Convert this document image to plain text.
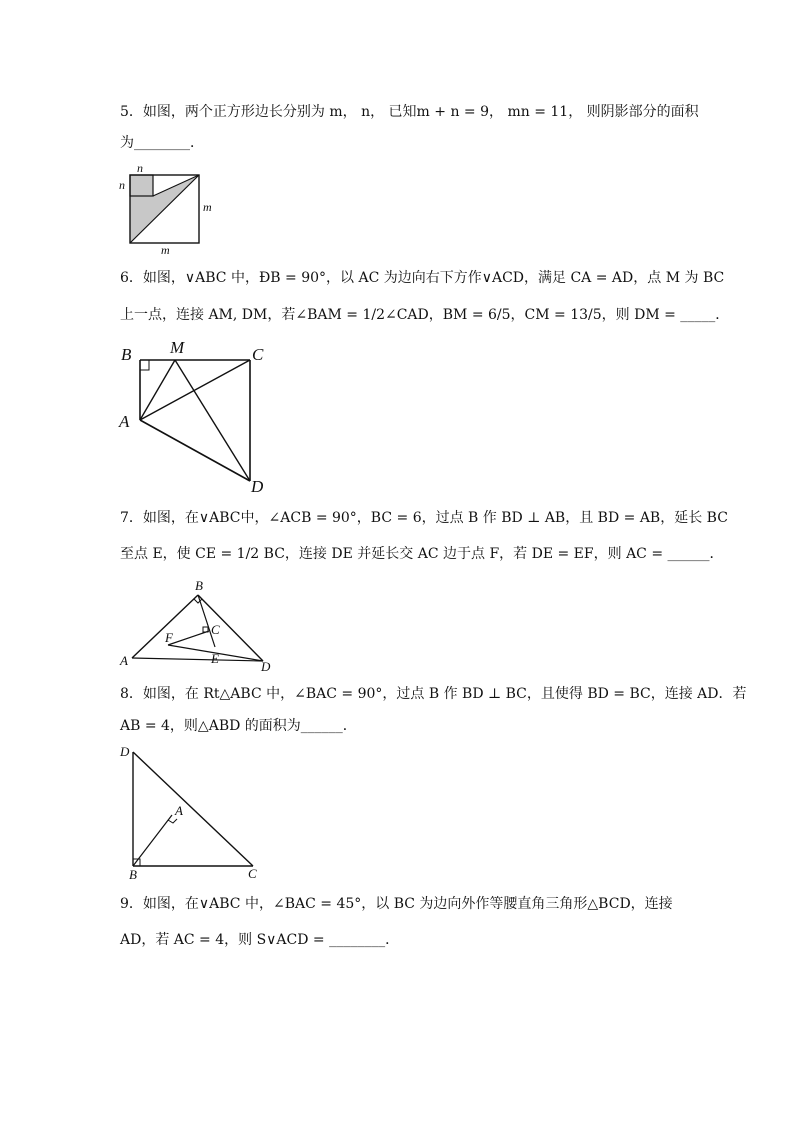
5．如图，两个正方形边长分别为 m， n， 已知m + n = 9， mn = 11， 则阴影部分的面积
为________．
n
n
m
m
6．如图，∨ABC 中，ÐB = 90°，以 AC 为边向右下方作∨ACD，满足 CA = AD，点 M 为 BC
上一点，连接 AM, DM，若∠BAM = 1/2∠CAD，BM = 6/5，CM = 13/5，则 DM = _____．
B M	C
A
D
7．如图，在∨ABC中，∠ACB = 90°，BC = 6，过点 B 作 BD ⊥ AB，且 BD = AB，延长 BC
至点 E，使 CE = 1/2 BC，连接 DE 并延长交 AC 边于点 F，若 DE = EF，则 AC = ______．
B
C
F
A	E
D
8．如图，在 Rt△ABC 中，∠BAC = 90°，过点 B 作 BD ⊥ BC，且使得 BD = BC，连接 AD．若
AB = 4，则△ABD 的面积为______．
D
A
B	C
9．如图，在∨ABC 中，∠BAC = 45°，以 BC 为边向外作等腰直角三角形△BCD，连接
AD，若 AC = 4，则 S∨ACD = ________．
